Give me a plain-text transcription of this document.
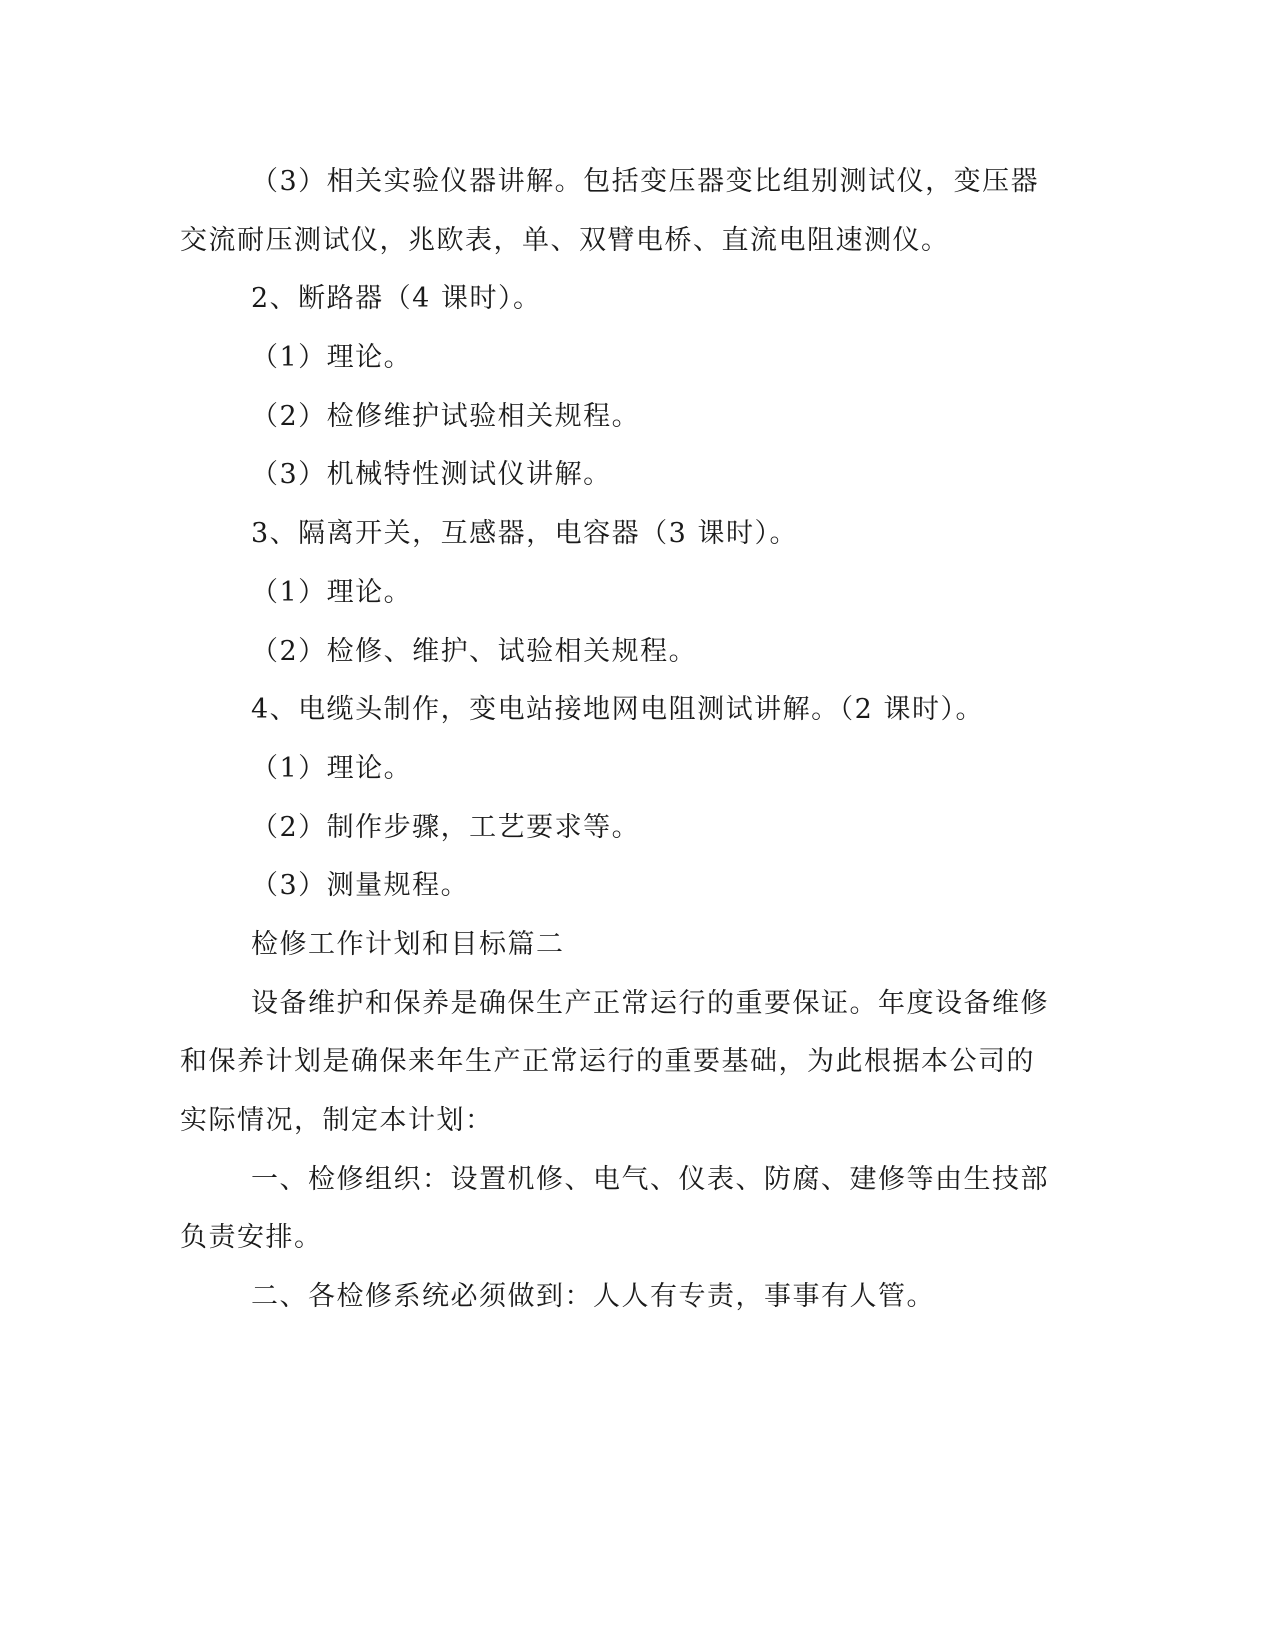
（3）相关实验仪器讲解。包括变压器变比组别测试仪，变压器
交流耐压测试仪，兆欧表，单、双臂电桥、直流电阻速测仪。
2、断路器（4 课时）。
（1）理论。
（2）检修维护试验相关规程。
（3）机械特性测试仪讲解。
3、隔离开关，互感器，电容器（3 课时）。
（1）理论。
（2）检修、维护、试验相关规程。
4、电缆头制作，变电站接地网电阻测试讲解。（2 课时）。
（1）理论。
（2）制作步骤，工艺要求等。
（3）测量规程。
检修工作计划和目标篇二
设备维护和保养是确保生产正常运行的重要保证。年度设备维修
和保养计划是确保来年生产正常运行的重要基础，为此根据本公司的
实际情况，制定本计划：
一、检修组织：设置机修、电气、仪表、防腐、建修等由生技部
负责安排。
二、各检修系统必须做到：人人有专责，事事有人管。
